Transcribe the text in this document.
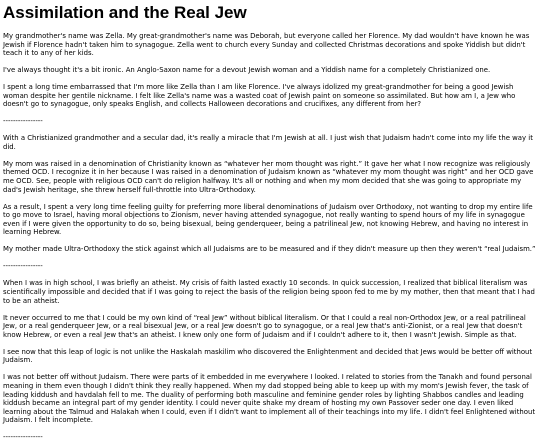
Assimilation and the Real Jew

My grandmother's name was Zella. My great-grandmother's name was Deborah, but everyone called her Florence. My dad wouldn't have known he was Jewish if Florence hadn't taken him to synagogue. Zella went to church every Sunday and collected Christmas decorations and spoke Yiddish but didn't teach it to any of her kids.

I've always thought it's a bit ironic. An Anglo-Saxon name for a devout Jewish woman and a Yiddish name for a completely Christianized one.

I spent a long time embarrassed that I'm more like Zella than I am like Florence. I've always idolized my great-grandmother for being a good Jewish woman despite her gentile nickname. I felt like Zella's name was a wasted coat of Jewish paint on someone so assimilated. But how am I, a Jew who doesn't go to synagogue, only speaks English, and collects Halloween decorations and crucifixes, any different from her?

----------------

With a Christianized grandmother and a secular dad, it's really a miracle that I'm Jewish at all. I just wish that Judaism hadn't come into my life the way it did.

My mom was raised in a denomination of Christianity known as “whatever her mom thought was right.” It gave her what I now recognize was religiously themed OCD. I recognize it in her because I was raised in a denomination of Judaism known as “whatever my mom thought was right” and her OCD gave me OCD. See, people with religious OCD can't do religion halfway. It's all or nothing and when my mom decided that she was going to appropriate my dad's Jewish heritage, she threw herself full-throttle into Ultra-Orthodoxy.

As a result, I spent a very long time feeling guilty for preferring more liberal denominations of Judaism over Orthodoxy, not wanting to drop my entire life to go move to Israel, having moral objections to Zionism, never having attended synagogue, not really wanting to spend hours of my life in synagogue even if I were given the opportunity to do so, being bisexual, being genderqueer, being a patrilineal Jew, not knowing Hebrew, and having no interest in learning Hebrew.

My mother made Ultra-Orthodoxy the stick against which all Judaisms are to be measured and if they didn't measure up then they weren't “real Judaism.”

----------------

When I was in high school, I was briefly an atheist. My crisis of faith lasted exactly 10 seconds. In quick succession, I realized that biblical literalism was scientifically impossible and decided that if I was going to reject the basis of the religion being spoon fed to me by my mother, then that meant that I had to be an atheist.

It never occurred to me that I could be my own kind of “real Jew” without biblical literalism. Or that I could a real non-Orthodox Jew, or a real patrilineal Jew, or a real genderqueer Jew, or a real bisexual Jew, or a real Jew doesn't go to synagogue, or a real Jew that's anti-Zionist, or a real Jew that doesn't know Hebrew, or even a real Jew that's an atheist. I knew only one form of Judaism and if I couldn't adhere to it, then I wasn't Jewish. Simple as that.

I see now that this leap of logic is not unlike the Haskalah maskilim who discovered the Enlightenment and decided that Jews would be better off without Judaism.

I was not better off without Judaism. There were parts of it embedded in me everywhere I looked. I related to stories from the Tanakh and found personal meaning in them even though I didn't think they really happened. When my dad stopped being able to keep up with my mom's Jewish fever, the task of leading kiddush and havdalah fell to me. The duality of performing both masculine and feminine gender roles by lighting Shabbos candles and leading kiddush became an integral part of my gender identity. I could never quite shake my dream of hosting my own Passover seder one day. I even liked learning about the Talmud and Halakah when I could, even if I didn't want to implement all of their teachings into my life. I didn't feel Enlightened without Judaism. I felt incomplete.

----------------
